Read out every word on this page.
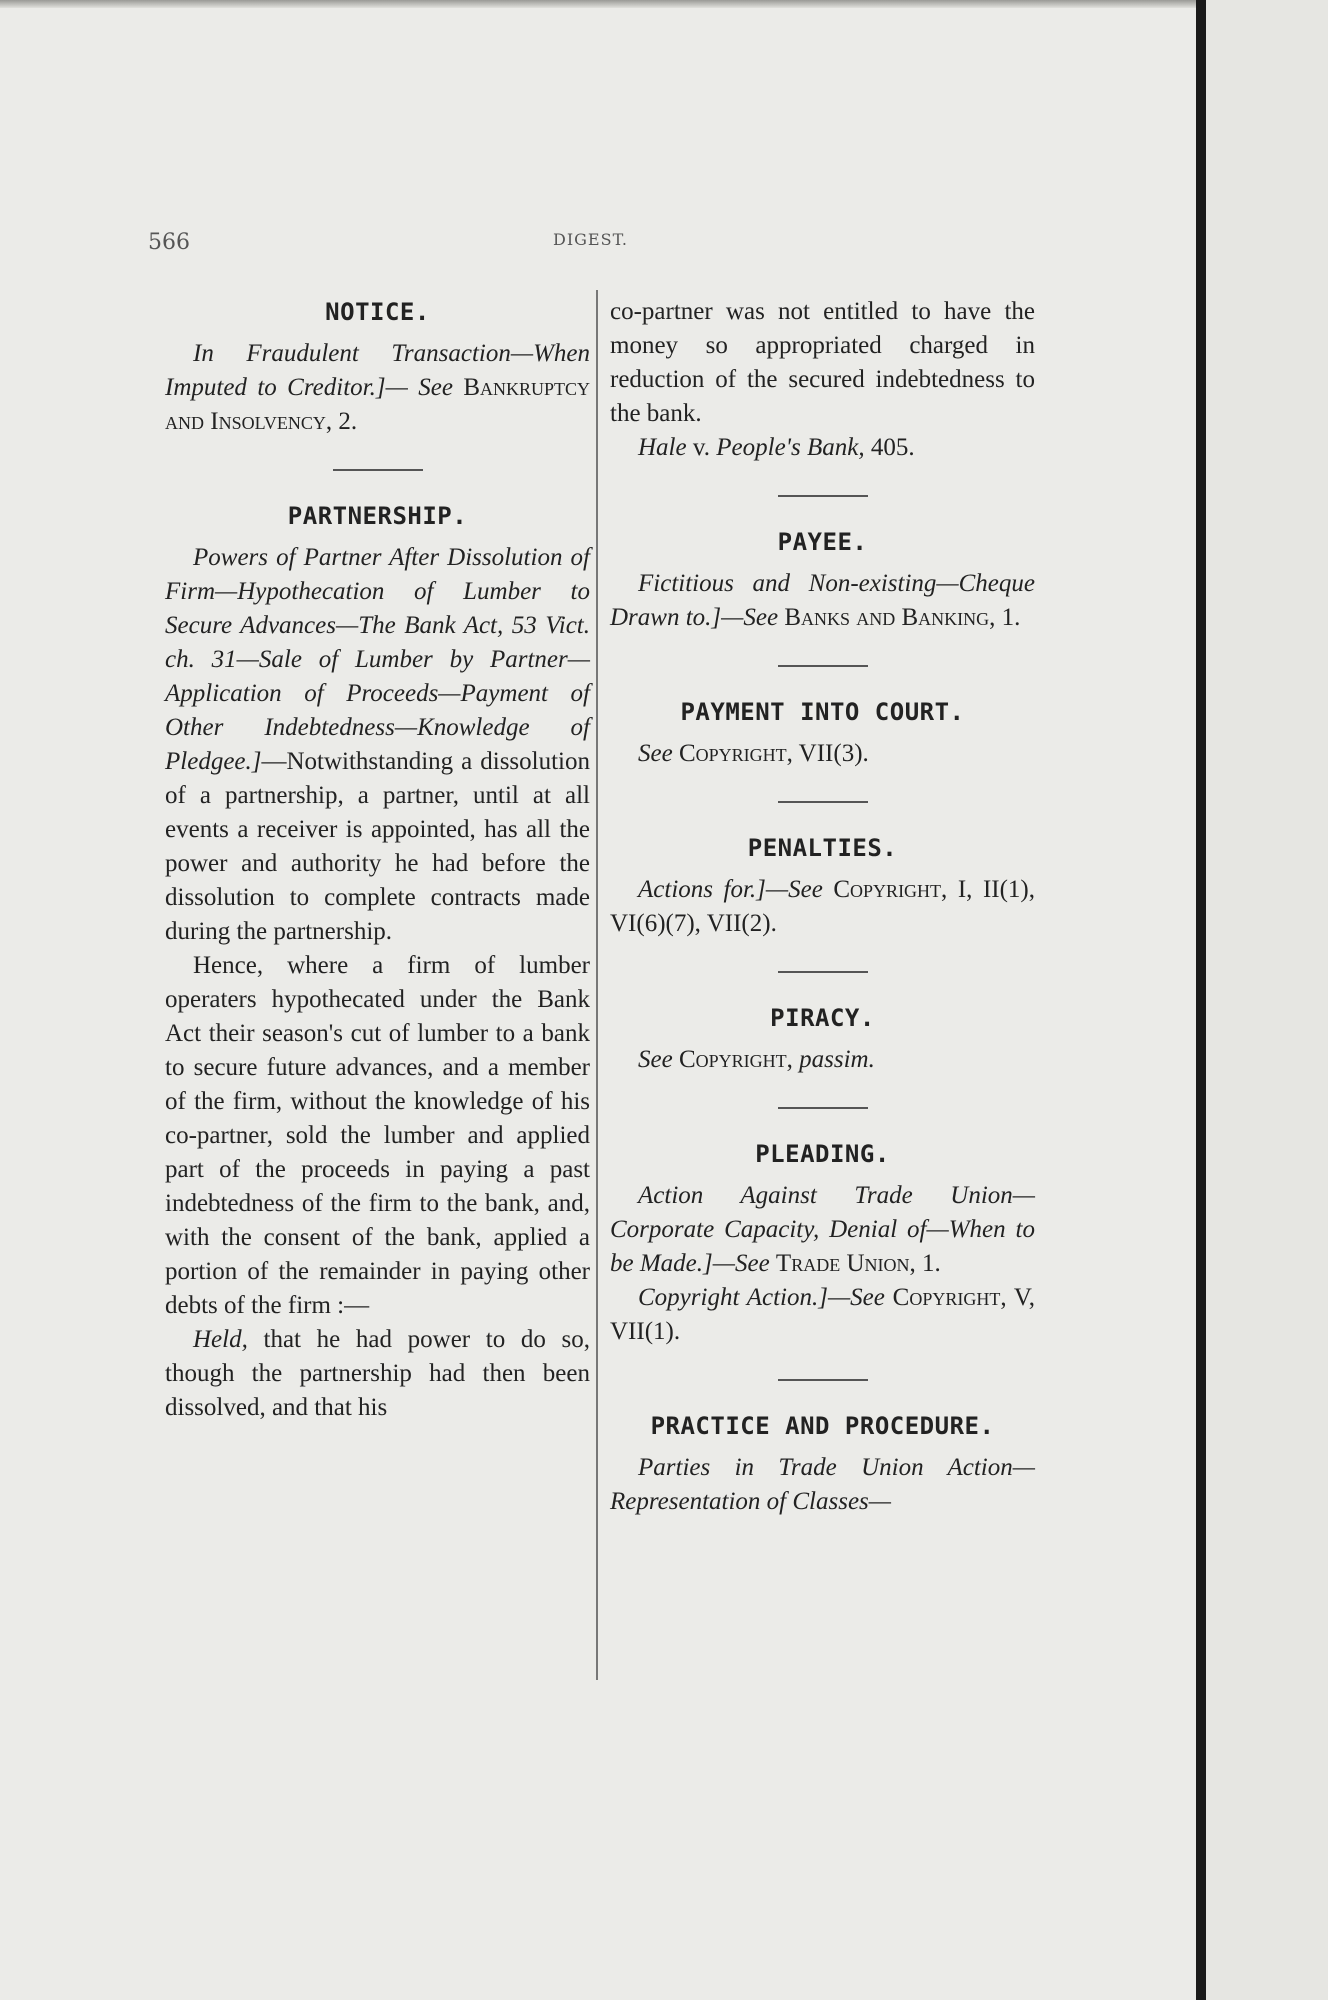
566	DIGEST.
NOTICE.

In Fraudulent Transaction—When Imputed to Creditor.]— See Bankruptcy and Insolvency, 2.

PARTNERSHIP.

Powers of Partner After Dissolution of Firm—Hypothecation of Lumber to Secure Advances—The Bank Act, 53 Vict. ch. 31—Sale of Lumber by Partner—Application of Proceeds—Payment of Other Indebtedness—Knowledge of Pledgee.]—Notwithstanding a dissolution of a partnership, a partner, until at all events a receiver is appointed, has all the power and authority he had before the dissolution to complete contracts made during the partnership.

Hence, where a firm of lumber operaters hypothecated under the Bank Act their season's cut of lumber to a bank to secure future advances, and a member of the firm, without the knowledge of his co-partner, sold the lumber and applied part of the proceeds in paying a past indebtedness of the firm to the bank, and, with the consent of the bank, applied a portion of the remainder in paying other debts of the firm :—

Held, that he had power to do so, though the partnership had then been dissolved, and that his

co-partner was not entitled to have the money so appropriated charged in reduction of the secured indebtedness to the bank.

Hale v. People's Bank, 405.

PAYEE.

Fictitious and Non-existing—Cheque Drawn to.]—See Banks and Banking, 1.

PAYMENT INTO COURT.

See Copyright, VII(3).

PENALTIES.

Actions for.]—See Copyright, I, II(1), VI(6)(7), VII(2).

PIRACY.

See Copyright, passim.

PLEADING.

Action Against Trade Union—Corporate Capacity, Denial of—When to be Made.]—See Trade Union, 1.

Copyright Action.]—See Copyright, V, VII(1).

PRACTICE AND PROCEDURE.

Parties in Trade Union Action—Representation of Classes—
